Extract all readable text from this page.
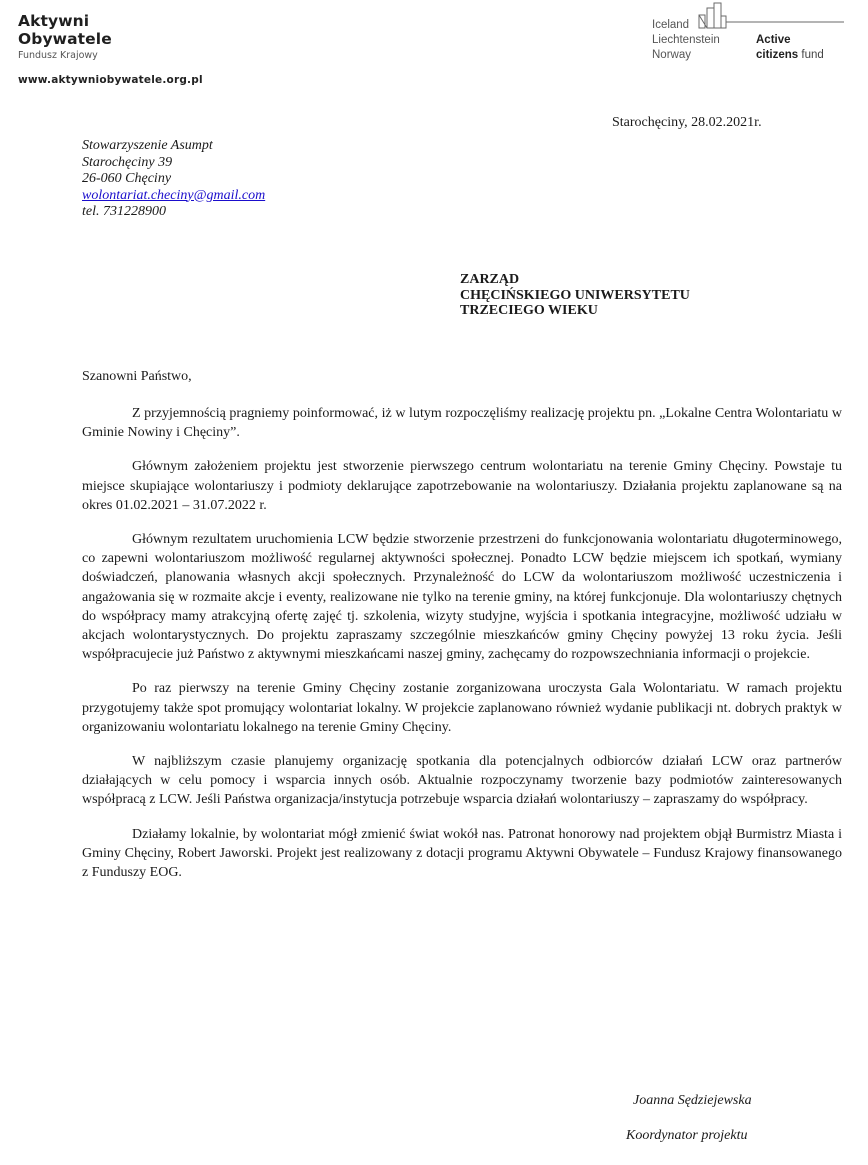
Aktywni
Obywatele
Fundusz Krajowy
www.aktywniobywatele.org.pl
Iceland
Liechtenstein
Norway
Active
citizens fund
Starochęciny, 28.02.2021r.
Stowarzyszenie Asumpt
Starochęciny 39
26-060 Chęciny
wolontariat.checiny@gmail.com
tel. 731228900
ZARZĄD
CHĘCIŃSKIEGO UNIWERSYTETU
TRZECIEGO WIEKU
Szanowni Państwo,

Z przyjemnością pragniemy poinformować, iż w lutym rozpoczęliśmy realizację projektu pn. „Lokalne Centra Wolontariatu w Gminie Nowiny i Chęciny”.

Głównym założeniem projektu jest stworzenie pierwszego centrum wolontariatu na terenie Gminy Chęciny. Powstaje tu miejsce skupiające wolontariuszy i podmioty deklarujące zapotrzebowanie na wolontariuszy. Działania projektu zaplanowane są na okres 01.02.2021 – 31.07.2022 r.

Głównym rezultatem uruchomienia LCW będzie stworzenie przestrzeni do funkcjonowania wolontariatu długoterminowego, co zapewni wolontariuszom możliwość regularnej aktywności społecznej. Ponadto LCW będzie miejscem ich spotkań, wymiany doświadczeń, planowania własnych akcji społecznych. Przynależność do LCW da wolontariuszom możliwość uczestniczenia i angażowania się w rozmaite akcje i eventy, realizowane nie tylko na terenie gminy, na której funkcjonuje. Dla wolontariuszy chętnych do współpracy mamy atrakcyjną ofertę zajęć tj. szkolenia, wizyty studyjne, wyjścia i spotkania integracyjne, możliwość udziału w akcjach wolontarystycznych. Do projektu zapraszamy szczególnie mieszkańców gminy Chęciny powyżej 13 roku życia. Jeśli współpracujecie już Państwo z aktywnymi mieszkańcami naszej gminy, zachęcamy do rozpowszechniania informacji o projekcie.

Po raz pierwszy na terenie Gminy Chęciny zostanie zorganizowana uroczysta Gala Wolontariatu. W ramach projektu przygotujemy także spot promujący wolontariat lokalny. W projekcie zaplanowano również wydanie publikacji nt. dobrych praktyk w organizowaniu wolontariatu lokalnego na terenie Gminy Chęciny.

W najbliższym czasie planujemy organizację spotkania dla potencjalnych odbiorców działań LCW oraz partnerów działających w celu pomocy i wsparcia innych osób. Aktualnie rozpoczynamy tworzenie bazy podmiotów zainteresowanych współpracą z LCW. Jeśli Państwa organizacja/instytucja potrzebuje wsparcia działań wolontariuszy – zapraszamy do współpracy.

Działamy lokalnie, by wolontariat mógł zmienić świat wokół nas. Patronat honorowy nad projektem objął Burmistrz Miasta i Gminy Chęciny, Robert Jaworski. Projekt jest realizowany z dotacji programu Aktywni Obywatele – Fundusz Krajowy finansowanego z Funduszy EOG.

Joanna Sędziejewska
Koordynator projektu
